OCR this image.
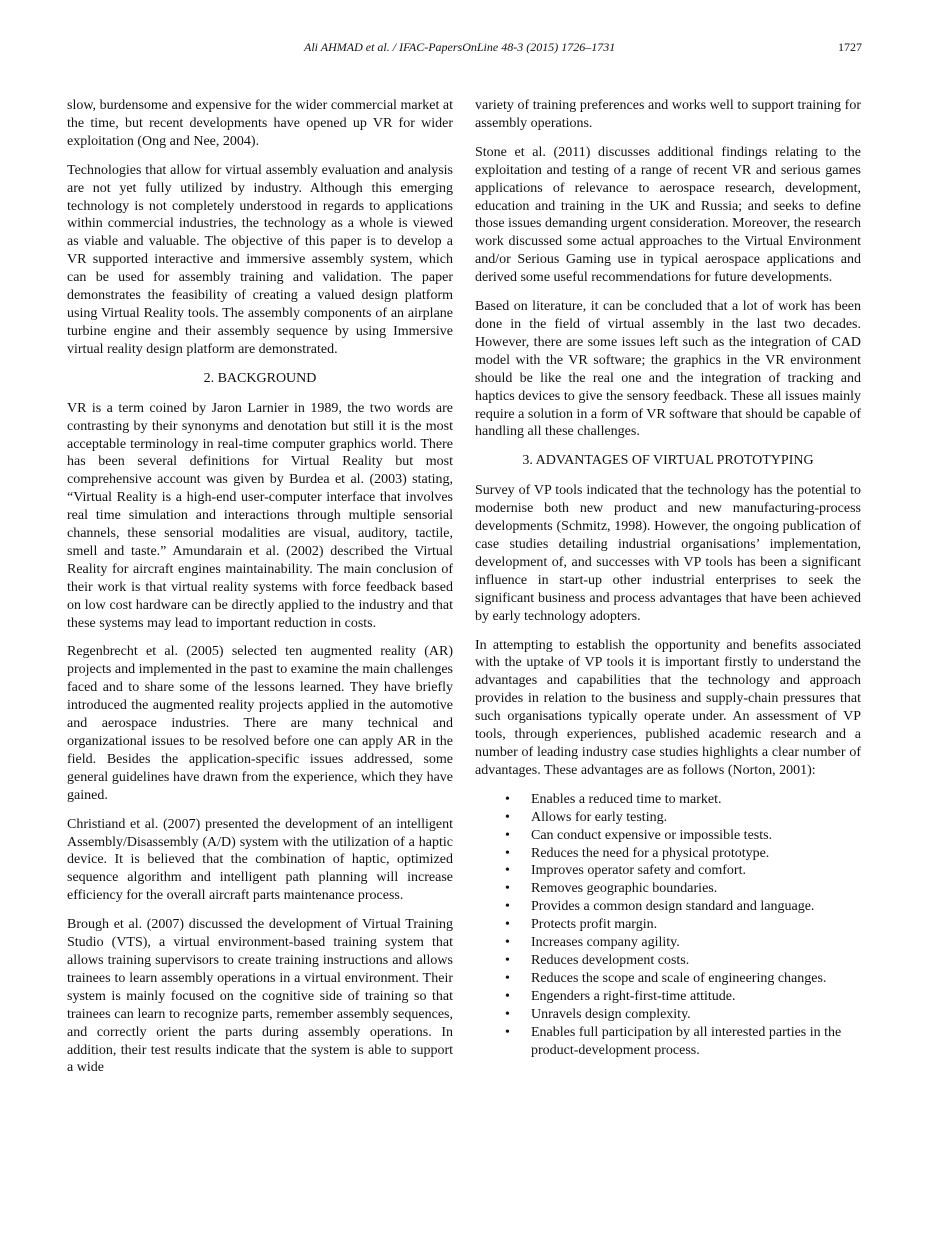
Ali AHMAD et al. / IFAC-PapersOnLine 48-3 (2015) 1726–1731	1727

slow, burdensome and expensive for the wider commercial market at the time, but recent developments have opened up VR for wider exploitation (Ong and Nee, 2004).

Technologies that allow for virtual assembly evaluation and analysis are not yet fully utilized by industry. Although this emerging technology is not completely understood in regards to applications within commercial industries, the technology as a whole is viewed as viable and valuable. The objective of this paper is to develop a VR supported interactive and immersive assembly system, which can be used for assembly training and validation. The paper demonstrates the feasibility of creating a valued design platform using Virtual Reality tools. The assembly components of an airplane turbine engine and their assembly sequence by using Immersive virtual reality design platform are demonstrated.

2. BACKGROUND

VR is a term coined by Jaron Larnier in 1989, the two words are contrasting by their synonyms and denotation but still it is the most acceptable terminology in real-time computer graphics world. There has been several definitions for Virtual Reality but most comprehensive account was given by Burdea et al. (2003) stating, “Virtual Reality is a high-end user-computer interface that involves real time simulation and interactions through multiple sensorial channels, these sensorial modalities are visual, auditory, tactile, smell and taste.” Amundarain et al. (2002) described the Virtual Reality for aircraft engines maintainability. The main conclusion of their work is that virtual reality systems with force feedback based on low cost hardware can be directly applied to the industry and that these systems may lead to important reduction in costs.

Regenbrecht et al. (2005) selected ten augmented reality (AR) projects and implemented in the past to examine the main challenges faced and to share some of the lessons learned. They have briefly introduced the augmented reality projects applied in the automotive and aerospace industries. There are many technical and organizational issues to be resolved before one can apply AR in the field. Besides the application-specific issues addressed, some general guidelines have drawn from the experience, which they have gained.

Christiand et al. (2007) presented the development of an intelligent Assembly/Disassembly (A/D) system with the utilization of a haptic device. It is believed that the combination of haptic, optimized sequence algorithm and intelligent path planning will increase efficiency for the overall aircraft parts maintenance process.

Brough et al. (2007) discussed the development of Virtual Training Studio (VTS), a virtual environment-based training system that allows training supervisors to create training instructions and allows trainees to learn assembly operations in a virtual environment. Their system is mainly focused on the cognitive side of training so that trainees can learn to recognize parts, remember assembly sequences, and correctly orient the parts during assembly operations. In addition, their test results indicate that the system is able to support a wide

variety of training preferences and works well to support training for assembly operations.

Stone et al. (2011) discusses additional findings relating to the exploitation and testing of a range of recent VR and serious games applications of relevance to aerospace research, development, education and training in the UK and Russia; and seeks to define those issues demanding urgent consideration. Moreover, the research work discussed some actual approaches to the Virtual Environment and/or Serious Gaming use in typical aerospace applications and derived some useful recommendations for future developments.

Based on literature, it can be concluded that a lot of work has been done in the field of virtual assembly in the last two decades. However, there are some issues left such as the integration of CAD model with the VR software; the graphics in the VR environment should be like the real one and the integration of tracking and haptics devices to give the sensory feedback. These all issues mainly require a solution in a form of VR software that should be capable of handling all these challenges.

3. ADVANTAGES OF VIRTUAL PROTOTYPING

Survey of VP tools indicated that the technology has the potential to modernise both new product and new manufacturing-process developments (Schmitz, 1998). However, the ongoing publication of case studies detailing industrial organisations’ implementation, development of, and successes with VP tools has been a significant influence in start-up other industrial enterprises to seek the significant business and process advantages that have been achieved by early technology adopters.

In attempting to establish the opportunity and benefits associated with the uptake of VP tools it is important firstly to understand the advantages and capabilities that the technology and approach provides in relation to the business and supply-chain pressures that such organisations typically operate under. An assessment of VP tools, through experiences, published academic research and a number of leading industry case studies highlights a clear number of advantages. These advantages are as follows (Norton, 2001):

• Enables a reduced time to market.
• Allows for early testing.
• Can conduct expensive or impossible tests.
• Reduces the need for a physical prototype.
• Improves operator safety and comfort.
• Removes geographic boundaries.
• Provides a common design standard and language.
• Protects profit margin.
• Increases company agility.
• Reduces development costs.
• Reduces the scope and scale of engineering changes.
• Engenders a right-first-time attitude.
• Unravels design complexity.
• Enables full participation by all interested parties in the product-development process.
